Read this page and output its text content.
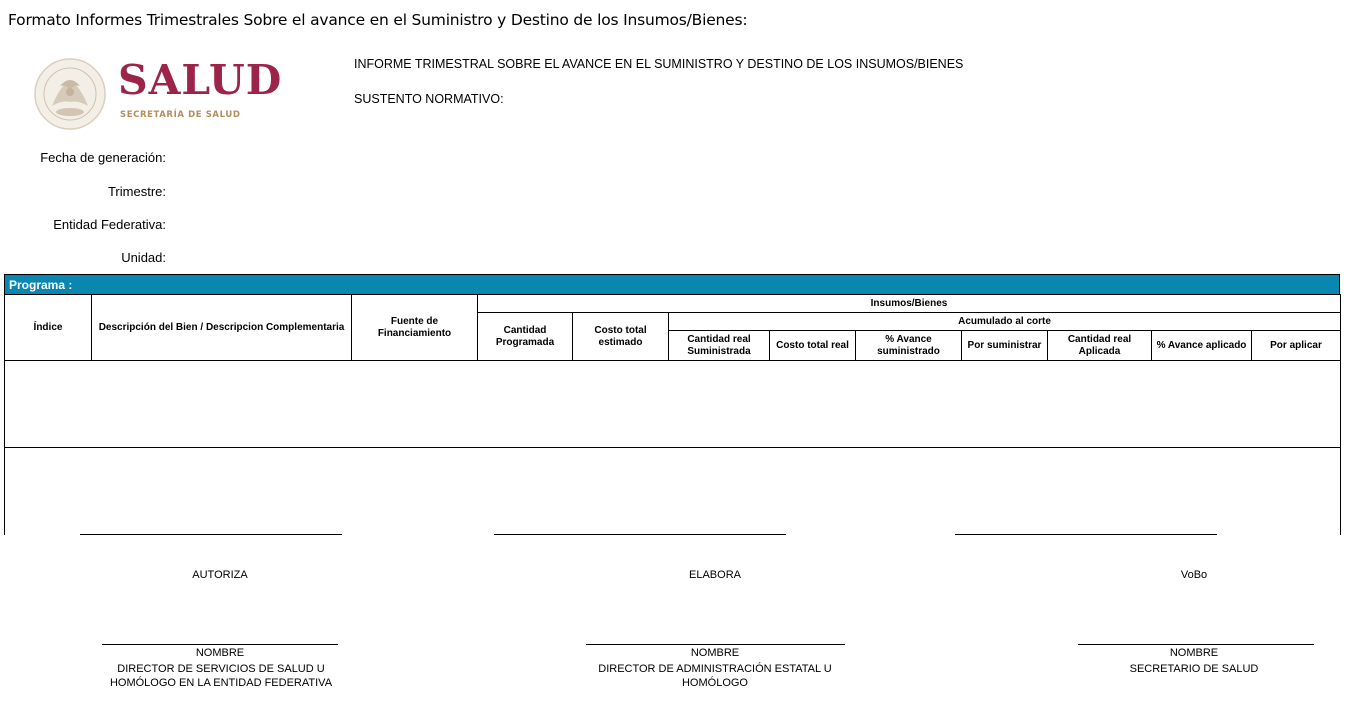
Formato Informes Trimestrales Sobre el avance en el Suministro y Destino de los Insumos/Bienes:
SALUD
SECRETARÍA DE SALUD
INFORME TRIMESTRAL SOBRE EL AVANCE EN EL SUMINISTRO Y DESTINO DE LOS INSUMOS/BIENES
SUSTENTO NORMATIVO:
Fecha de generación:
Trimestre:
Entidad Federativa:
Unidad:
Programa :
Índice	Descripción del Bien / Descripcion Complementaria	Fuente de Financiamiento	Insumos/Bienes								
			Cantidad Programada	Costo total estimado	Acumulado al corte						
					Cantidad real Suministrada	Costo total real	% Avance suministrado	Por suministrar	Cantidad real Aplicada	% Avance aplicado	Por aplicar

AUTORIZA
NOMBRE
DIRECTOR DE SERVICIOS DE SALUD U
HOMÓLOGO EN LA ENTIDAD FEDERATIVA
ELABORA
NOMBRE
DIRECTOR DE ADMINISTRACIÓN ESTATAL U
HOMÓLOGO
VoBo
NOMBRE
SECRETARIO DE SALUD
